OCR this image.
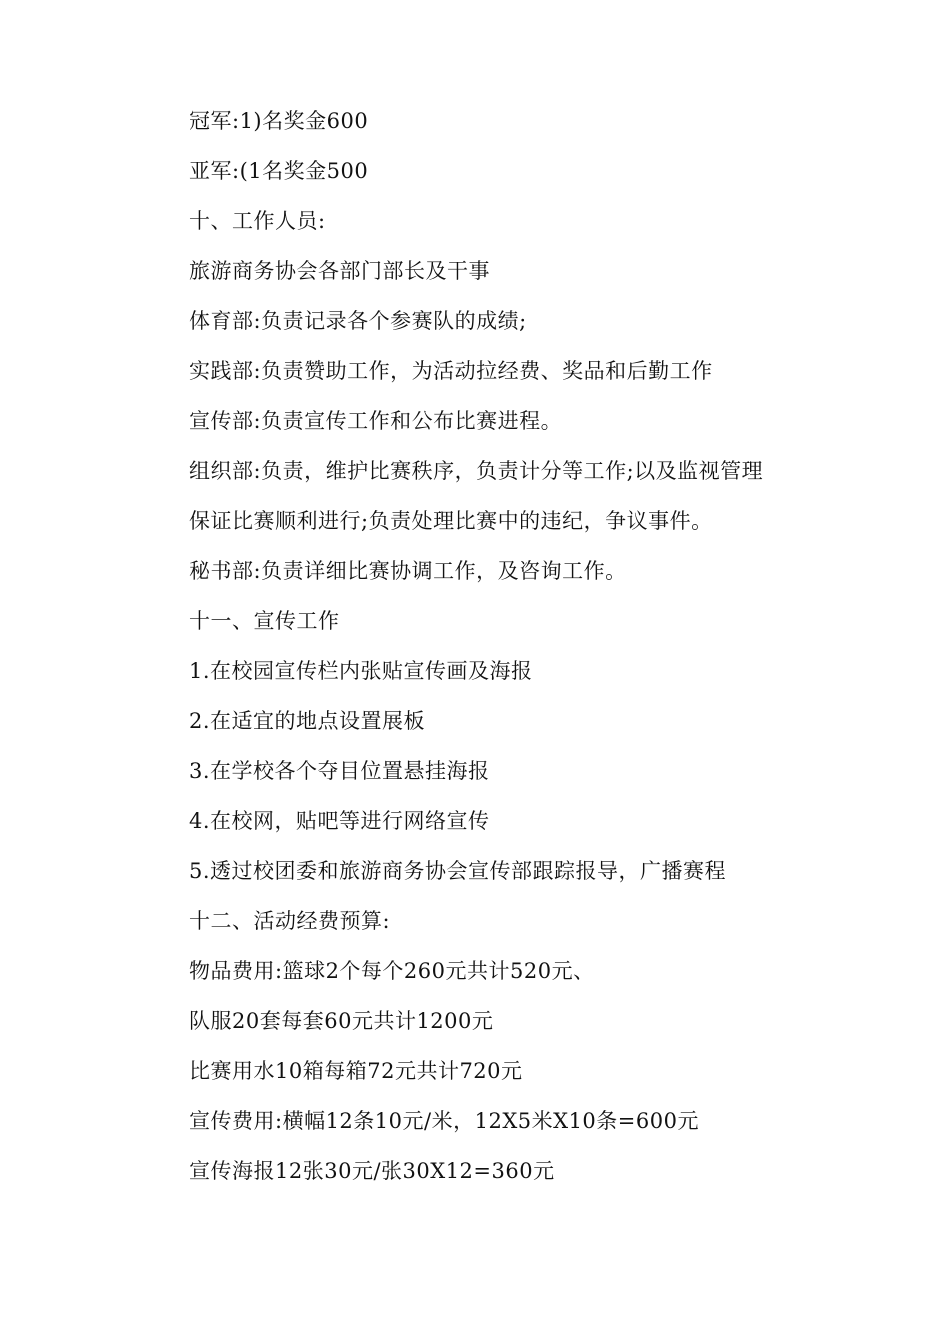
冠军:1)名奖金600
亚军:(1名奖金500
十、工作人员:
旅游商务协会各部门部长及干事
体育部:负责记录各个参赛队的成绩;
实践部:负责赞助工作，为活动拉经费、奖品和后勤工作
宣传部:负责宣传工作和公布比赛进程。
组织部:负责，维护比赛秩序，负责计分等工作;以及监视管理
保证比赛顺利进行;负责处理比赛中的违纪，争议事件。
秘书部:负责详细比赛协调工作，及咨询工作。
十一、宣传工作
1.在校园宣传栏内张贴宣传画及海报
2.在适宜的地点设置展板
3.在学校各个夺目位置悬挂海报
4.在校网，贴吧等进行网络宣传
5.透过校团委和旅游商务协会宣传部跟踪报导，广播赛程
十二、活动经费预算:
物品费用:篮球2个每个260元共计520元、
队服20套每套60元共计1200元
比赛用水10箱每箱72元共计720元
宣传费用:横幅12条10元/米，12X5米X10条=600元
宣传海报12张30元/张30X12=360元
